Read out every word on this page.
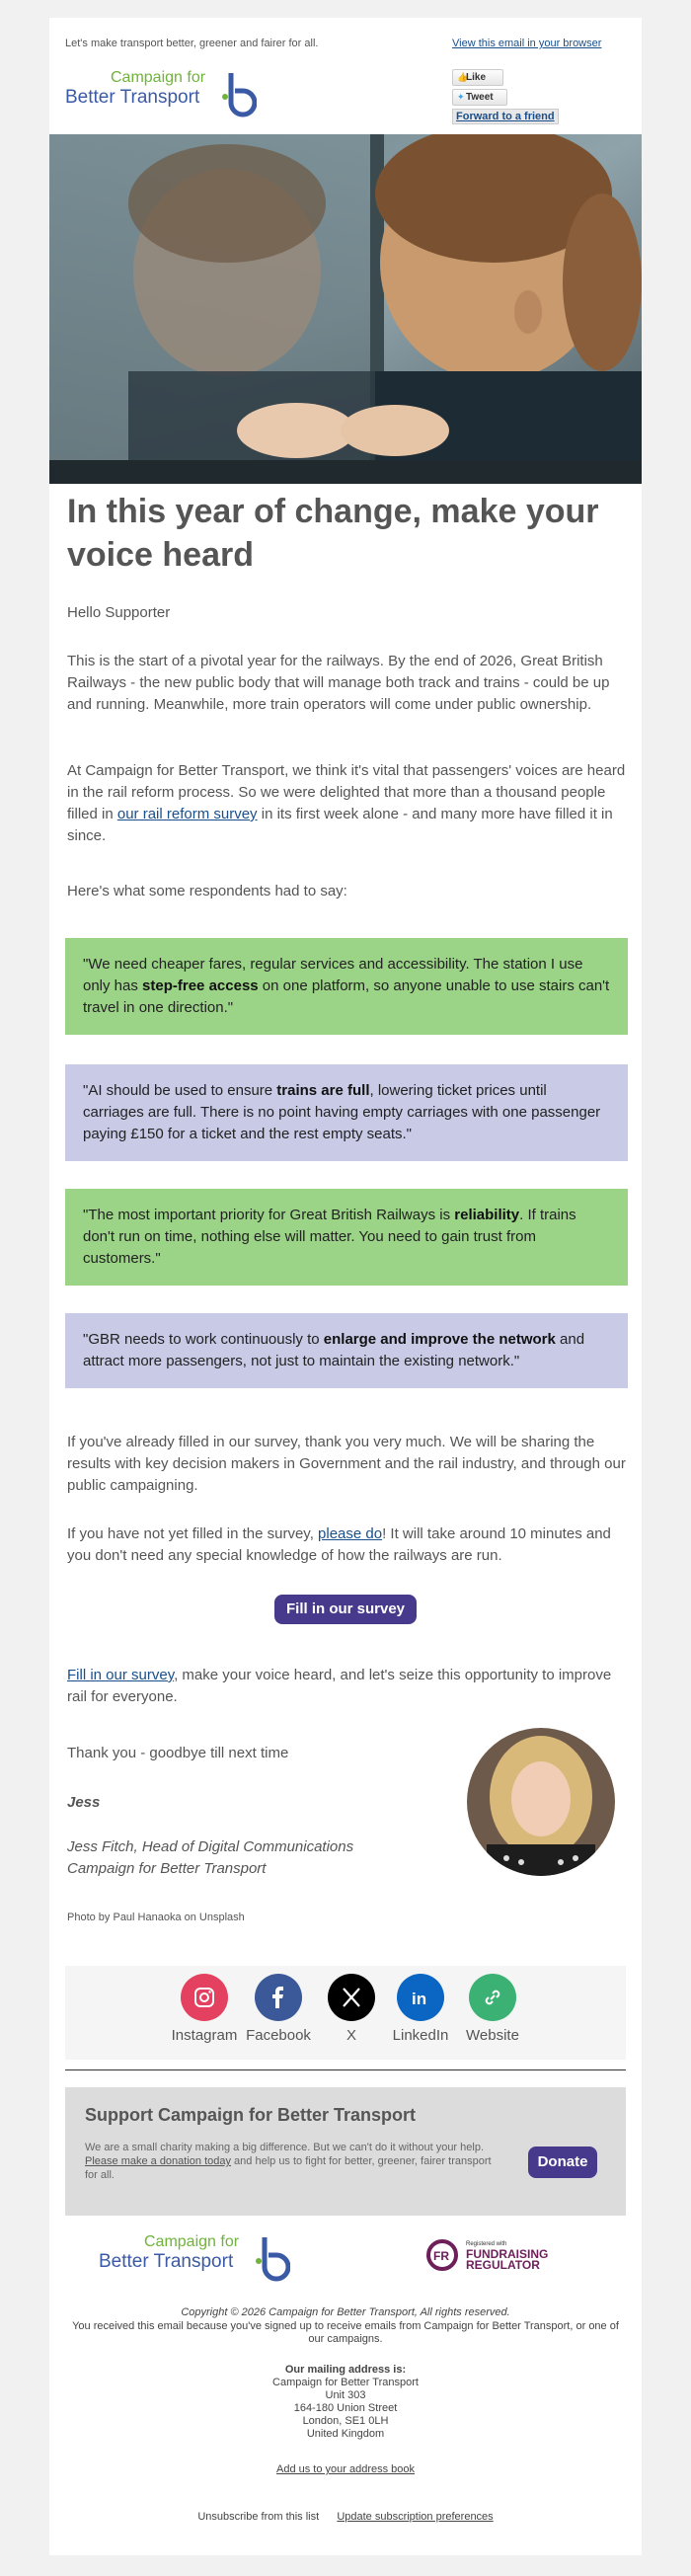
Let's make transport better, greener and fairer for all.	View this email in your browser
Campaign for
Better Transport
👍Like
✦Tweet
Forward to a friend
In this year of change, make your voice heard

Hello Supporter

This is the start of a pivotal year for the railways. By the end of 2026, Great British Railways - the new public body that will manage both track and trains - could be up and running. Meanwhile, more train operators will come under public ownership.

At Campaign for Better Transport, we think it's vital that passengers' voices are heard in the rail reform process. So we were delighted that more than a thousand people filled in our rail reform survey in its first week alone - and many more have filled it in since.

Here's what some respondents had to say:

"We need cheaper fares, regular services and accessibility. The station I use only has step-free access on one platform, so anyone unable to use stairs can't travel in one direction."
"AI should be used to ensure trains are full, lowering ticket prices until carriages are full. There is no point having empty carriages with one passenger paying £150 for a ticket and the rest empty seats."
"The most important priority for Great British Railways is reliability. If trains don't run on time, nothing else will matter. You need to gain trust from customers."
"GBR needs to work continuously to enlarge and improve the network and attract more passengers, not just to maintain the existing network."

If you've already filled in our survey, thank you very much. We will be sharing the results with key decision makers in Government and the rail industry, and through our public campaigning.

If you have not yet filled in the survey, please do! It will take around 10 minutes and you don't need any special knowledge of how the railways are run.

Fill in our survey

Fill in our survey, make your voice heard, and let's seize this opportunity to improve rail for everyone.

Thank you - goodbye till next time

Jess
Jess Fitch, Head of Digital Communications
Campaign for Better Transport
Photo by Paul Hanaoka on Unsplash
Instagram Facebook	X
in
LinkedIn	Website
Support Campaign for Better Transport
We are a small charity making a big difference. But we can't do it without your help. Please make a donation today and help us to fight for better, greener, fairer transport for all.
Donate
Campaign for
Better Transport	FR
Registered with
FUNDRAISING
REGULATOR
Copyright © 2026 Campaign for Better Transport, All rights reserved.
You received this email because you've signed up to receive emails from Campaign for Better Transport, or one of our campaigns.
Our mailing address is:
Campaign for Better Transport
Unit 303
164-180 Union Street
London, SE1 0LH
United Kingdom
Add us to your address book
Unsubscribe from this list Update subscription preferences
